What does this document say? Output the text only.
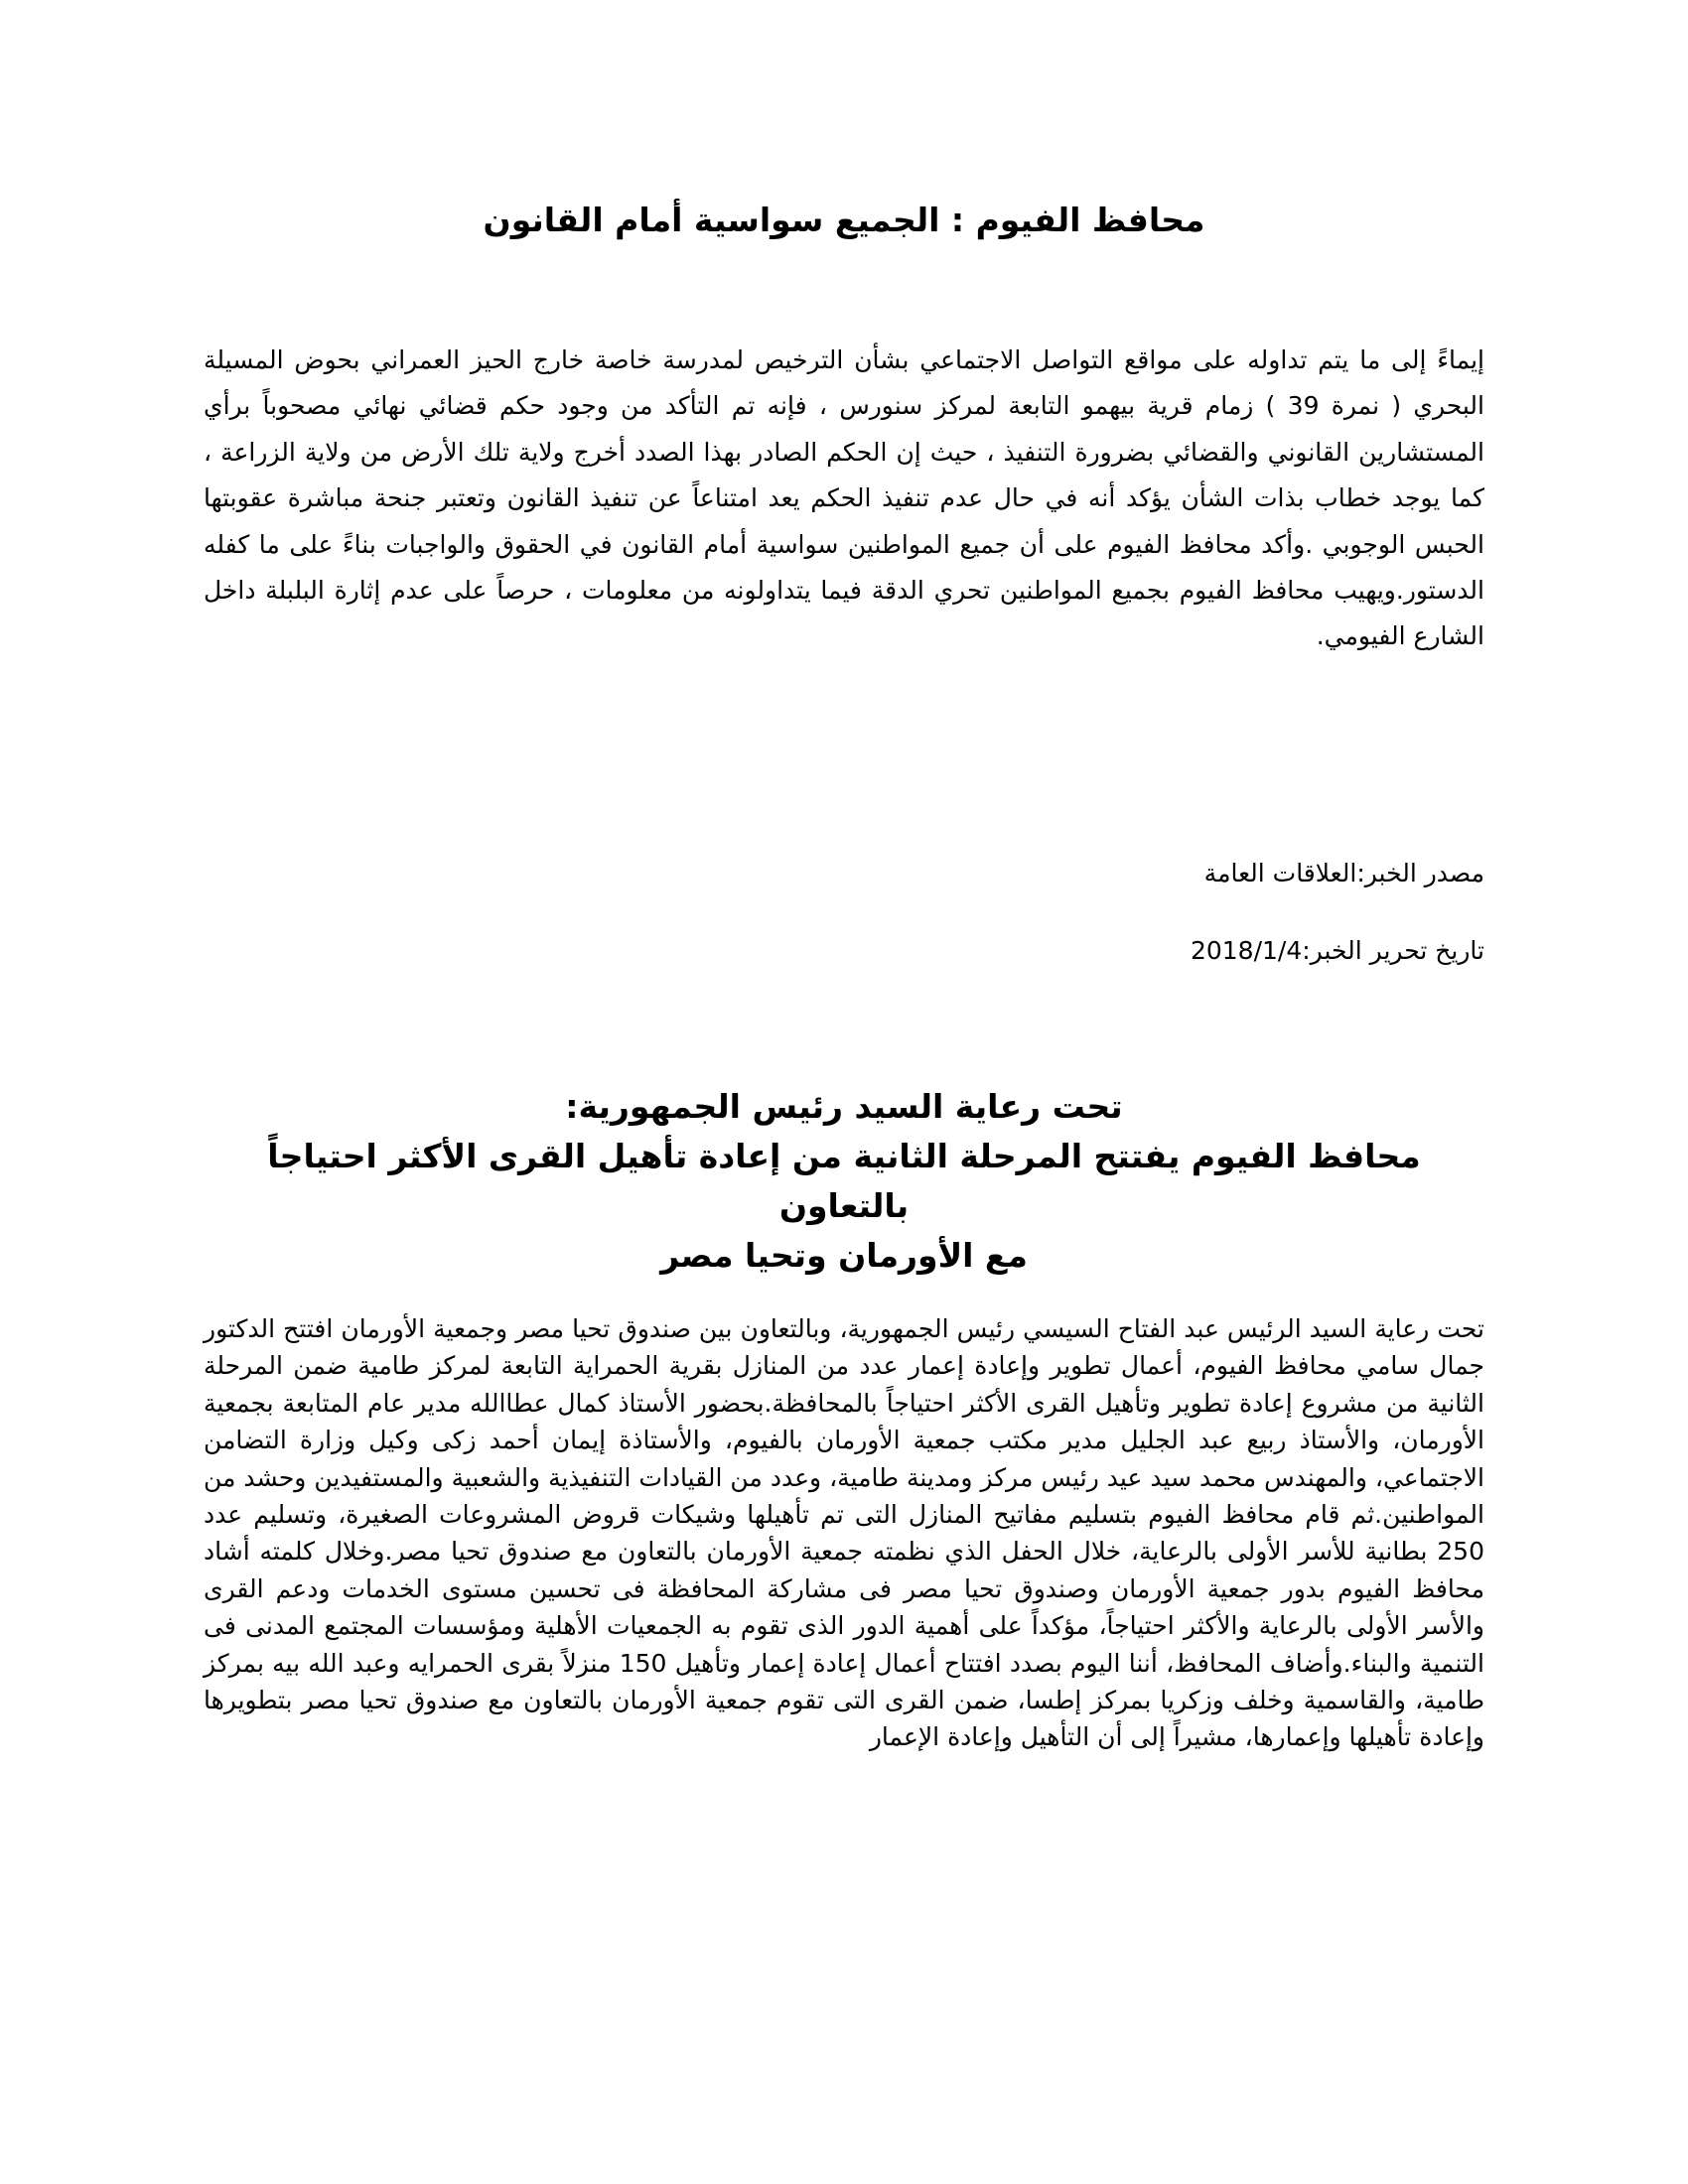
محافظ الفيوم : الجميع سواسية أمام القانون

إيماءً إلى ما يتم تداوله على مواقع التواصل الاجتماعي بشأن الترخيص لمدرسة خاصة خارج الحيز العمراني بحوض المسيلة البحري ( نمرة 39 ) زمام قرية بيهمو التابعة لمركز سنورس ، فإنه تم التأكد من وجود حكم قضائي نهائي مصحوباً برأي المستشارين القانوني والقضائي بضرورة التنفيذ ، حيث إن الحكم الصادر بهذا الصدد أخرج ولاية تلك الأرض من ولاية الزراعة ، كما يوجد خطاب بذات الشأن يؤكد أنه في حال عدم تنفيذ الحكم يعد امتناعاً عن تنفيذ القانون وتعتبر جنحة مباشرة عقوبتها الحبس الوجوبي .وأكد محافظ الفيوم على أن جميع المواطنين سواسية أمام القانون في الحقوق والواجبات بناءً على ما كفله الدستور.ويهيب محافظ الفيوم بجميع المواطنين تحري الدقة فيما يتداولونه من معلومات ، حرصاً على عدم إثارة البلبلة داخل الشارع الفيومي.

مصدر الخبر:العلاقات العامة

تاريخ تحرير الخبر:2018/1/4

تحت رعاية السيد رئيس الجمهورية:
محافظ الفيوم يفتتح المرحلة الثانية من إعادة تأهيل القرى الأكثر احتياجاً بالتعاون
مع الأورمان وتحيا مصر

تحت رعاية السيد الرئيس عبد الفتاح السيسي رئيس الجمهورية، وبالتعاون بين صندوق تحيا مصر وجمعية الأورمان افتتح الدكتور جمال سامي محافظ الفيوم، أعمال تطوير وإعادة إعمار عدد من المنازل بقرية الحمراية التابعة لمركز طامية ضمن المرحلة الثانية من مشروع إعادة تطوير وتأهيل القرى الأكثر احتياجاً بالمحافظة.بحضور الأستاذ كمال عطاالله مدير عام المتابعة بجمعية الأورمان، والأستاذ ربيع عبد الجليل مدير مكتب جمعية الأورمان بالفيوم، والأستاذة إيمان أحمد زكى وكيل وزارة التضامن الاجتماعي، والمهندس محمد سيد عيد رئيس مركز ومدينة طامية، وعدد من القيادات التنفيذية والشعبية والمستفيدين وحشد من المواطنين.ثم قام محافظ الفيوم بتسليم مفاتيح المنازل التى تم تأهيلها وشيكات قروض المشروعات الصغيرة، وتسليم عدد 250 بطانية للأسر الأولى بالرعاية، خلال الحفل الذي نظمته جمعية الأورمان بالتعاون مع صندوق تحيا مصر.وخلال كلمته أشاد محافظ الفيوم بدور جمعية الأورمان وصندوق تحيا مصر فى مشاركة المحافظة فى تحسين مستوى الخدمات ودعم القرى والأسر الأولى بالرعاية والأكثر احتياجاً، مؤكداً على أهمية الدور الذى تقوم به الجمعيات الأهلية ومؤسسات المجتمع المدنى فى التنمية والبناء.وأضاف المحافظ، أننا اليوم بصدد افتتاح أعمال إعادة إعمار وتأهيل 150 منزلاً بقرى الحمرايه وعبد الله بيه بمركز طامية، والقاسمية وخلف وزكريا بمركز إطسا، ضمن القرى التى تقوم جمعية الأورمان بالتعاون مع صندوق تحيا مصر بتطويرها وإعادة تأهيلها وإعمارها، مشيراً إلى أن التأهيل وإعادة الإعمار
